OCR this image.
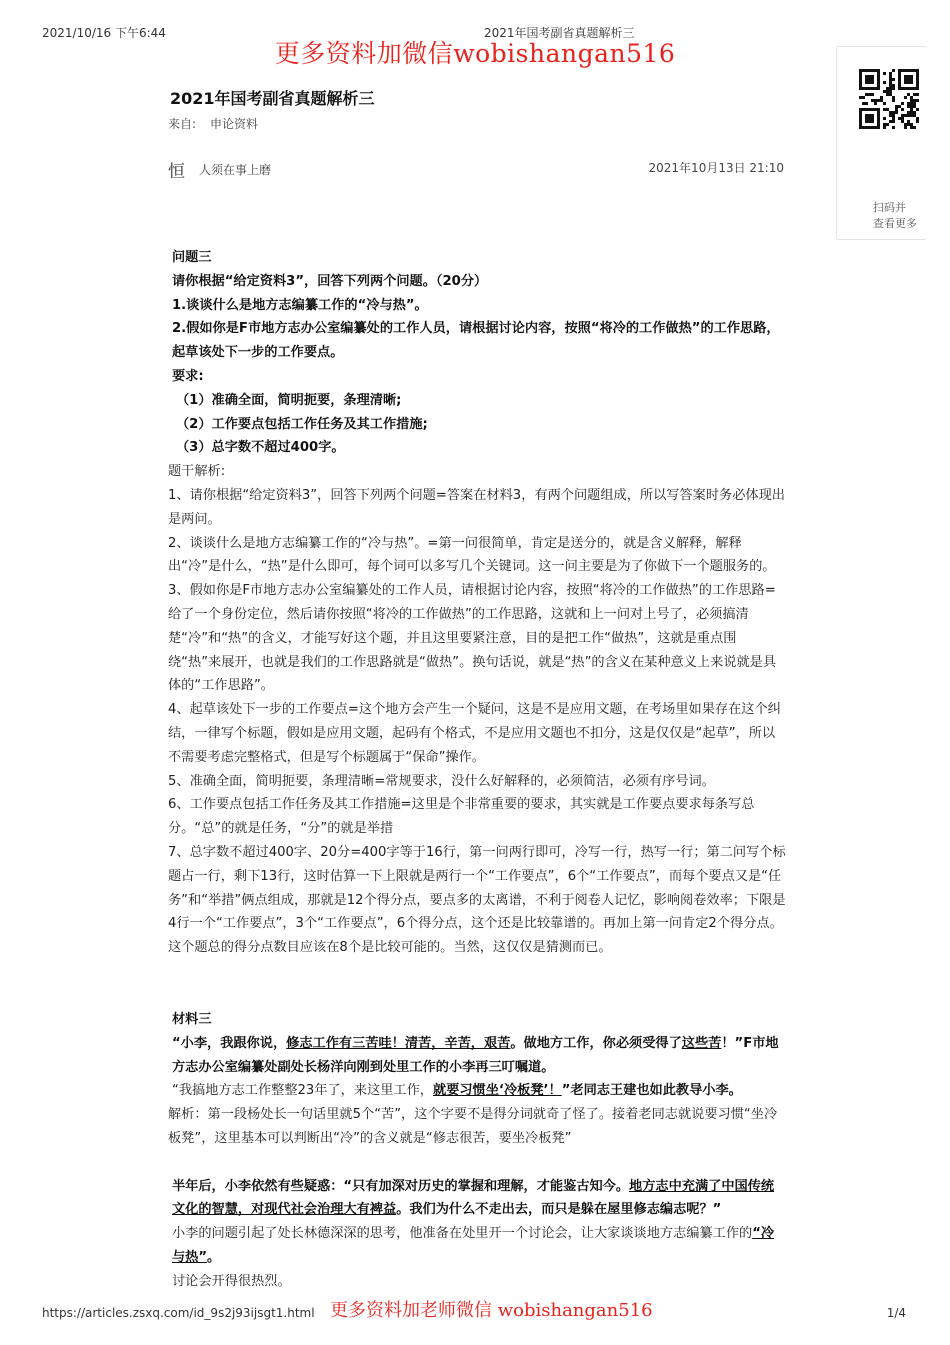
2021/10/16 下午6:44	2021年国考副省真题解析三
更多资料加微信wobishangan516
2021年国考副省真题解析三
来自: 申论资料
恒 人须在事上磨	2021年10月13日 21:10
扫码并
查看更多

问题三

请你根据“给定资料3”，回答下列两个问题。（20分）

1.谈谈什么是地方志编纂工作的“冷与热”。

2.假如你是F市地方志办公室编纂处的工作人员，请根据讨论内容，按照“将冷的工作做热”的工作思路，起草该处下一步的工作要点。

要求:

（1）准确全面，简明扼要，条理清晰;

（2）工作要点包括工作任务及其工作措施;

（3）总字数不超过400字。

题干解析:

1、请你根据“给定资料3”，回答下列两个问题=答案在材料3，有两个问题组成，所以写答案时务必体现出是两问。

2、谈谈什么是地方志编纂工作的“冷与热”。=第一问很简单，肯定是送分的，就是含义解释，解释出“冷”是什么，“热”是什么即可，每个词可以多写几个关键词。这一问主要是为了你做下一个题服务的。

3、假如你是F市地方志办公室编纂处的工作人员，请根据讨论内容，按照“将冷的工作做热”的工作思路=给了一个身份定位，然后请你按照“将冷的工作做热”的工作思路，这就和上一问对上号了，必须搞清楚“冷”和“热”的含义，才能写好这个题，并且这里要紧注意，目的是把工作“做热”，这就是重点围绕“热”来展开，也就是我们的工作思路就是“做热”。换句话说，就是“热”的含义在某种意义上来说就是具体的“工作思路”。

4、起草该处下一步的工作要点=这个地方会产生一个疑问，这是不是应用文题，在考场里如果存在这个纠结，一律写个标题，假如是应用文题，起码有个格式，不是应用文题也不扣分，这是仅仅是“起草”，所以不需要考虑完整格式，但是写个标题属于“保命”操作。

5、准确全面，简明扼要，条理清晰=常规要求，没什么好解释的，必须简洁，必须有序号词。

6、工作要点包括工作任务及其工作措施=这里是个非常重要的要求，其实就是工作要点要求每条写总分。“总”的就是任务，“分”的就是举措

7、总字数不超过400字、20分=400字等于16行，第一问两行即可，冷写一行，热写一行；第二问写个标题占一行，剩下13行，这时估算一下上限就是两行一个“工作要点”，6个“工作要点”，而每个要点又是“任务”和“举措”俩点组成，那就是12个得分点，要点多的太离谱，不利于阅卷人记忆，影响阅卷效率；下限是4行一个“工作要点”，3个“工作要点”，6个得分点，这个还是比较靠谱的。再加上第一问肯定2个得分点。这个题总的得分点数目应该在8个是比较可能的。当然，这仅仅是猜测而已。

材料三

“小李，我跟你说，修志工作有三苦哇！清苦，辛苦，艰苦。做地方工作，你必须受得了这些苦！”F市地方志办公室编纂处副处长杨洋向刚到处里工作的小李再三叮嘱道。

“我搞地方志工作整整23年了，来这里工作，就要习惯坐‘冷板凳’！”老同志王建也如此教导小李。

解析：第一段杨处长一句话里就5个“苦”，这个字要不是得分词就奇了怪了。接着老同志就说要习惯“坐冷板凳”，这里基本可以判断出“冷”的含义就是“修志很苦，要坐冷板凳”

半年后，小李依然有些疑惑：“只有加深对历史的掌握和理解，才能鉴古知今。地方志中充满了中国传统文化的智慧，对现代社会治理大有裨益。我们为什么不走出去，而只是躲在屋里修志编志呢？”

小李的问题引起了处长林德深深的思考，他准备在处里开一个讨论会，让大家谈谈地方志编纂工作的“冷与热”。

讨论会开得很热烈。

https://articles.zsxq.com/id_9s2j93ijsgt1.html 更多资料加老师微信 wobishangan516	1/4
